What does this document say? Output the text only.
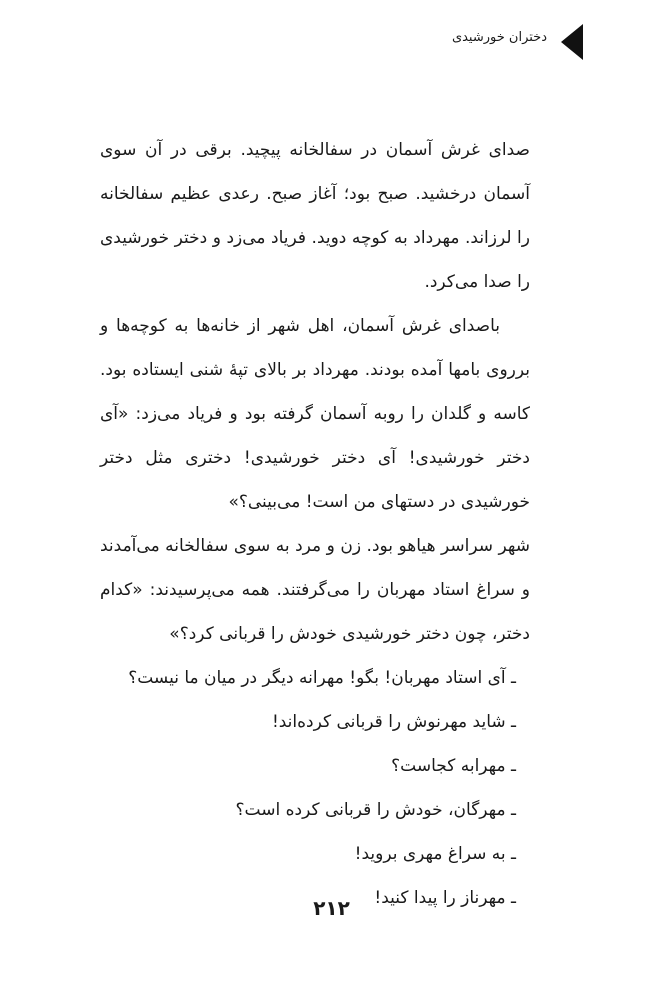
دختران خورشیدی

صدای غرش آسمان در سفالخانه پیچید. برقی در آن سوی آسمان درخشید. صبح بود؛ آغاز صبح. رعدی عظیم سفالخانه را لرزاند. مهرداد به کوچه دوید. فریاد می‌زد و دختر خورشیدی را صدا می‌کرد.

باصدای غرش آسمان، اهل شهر از خانه‌ها به کوچه‌ها و برروی بامها آمده بودند. مهرداد بر بالای تپهٔ شنی ایستاده بود. کاسه و گلدان را روبه آسمان گرفته بود و فریاد می‌زد: «آی دختر خورشیدی! آی دختر خورشیدی! دختری مثل دختر خورشیدی در دستهای من است! می‌بینی؟»

شهر سراسر هیاهو بود. زن و مرد به سوی سفالخانه می‌آمدند و سراغ استاد مهربان را می‌گرفتند. همه می‌پرسیدند: «کدام دختر، چون دختر خورشیدی خودش را قربانی کرد؟»

ـ آی استاد مهربان! بگو! مهرانه دیگر در میان ما نیست؟

ـ شاید مهرنوش را قربانی کرده‌اند!

ـ مهرابه کجاست؟

ـ مهرگان، خودش را قربانی کرده است؟

ـ به سراغ مهری بروید!

ـ مهرناز را پیدا کنید!

۲۱۲
